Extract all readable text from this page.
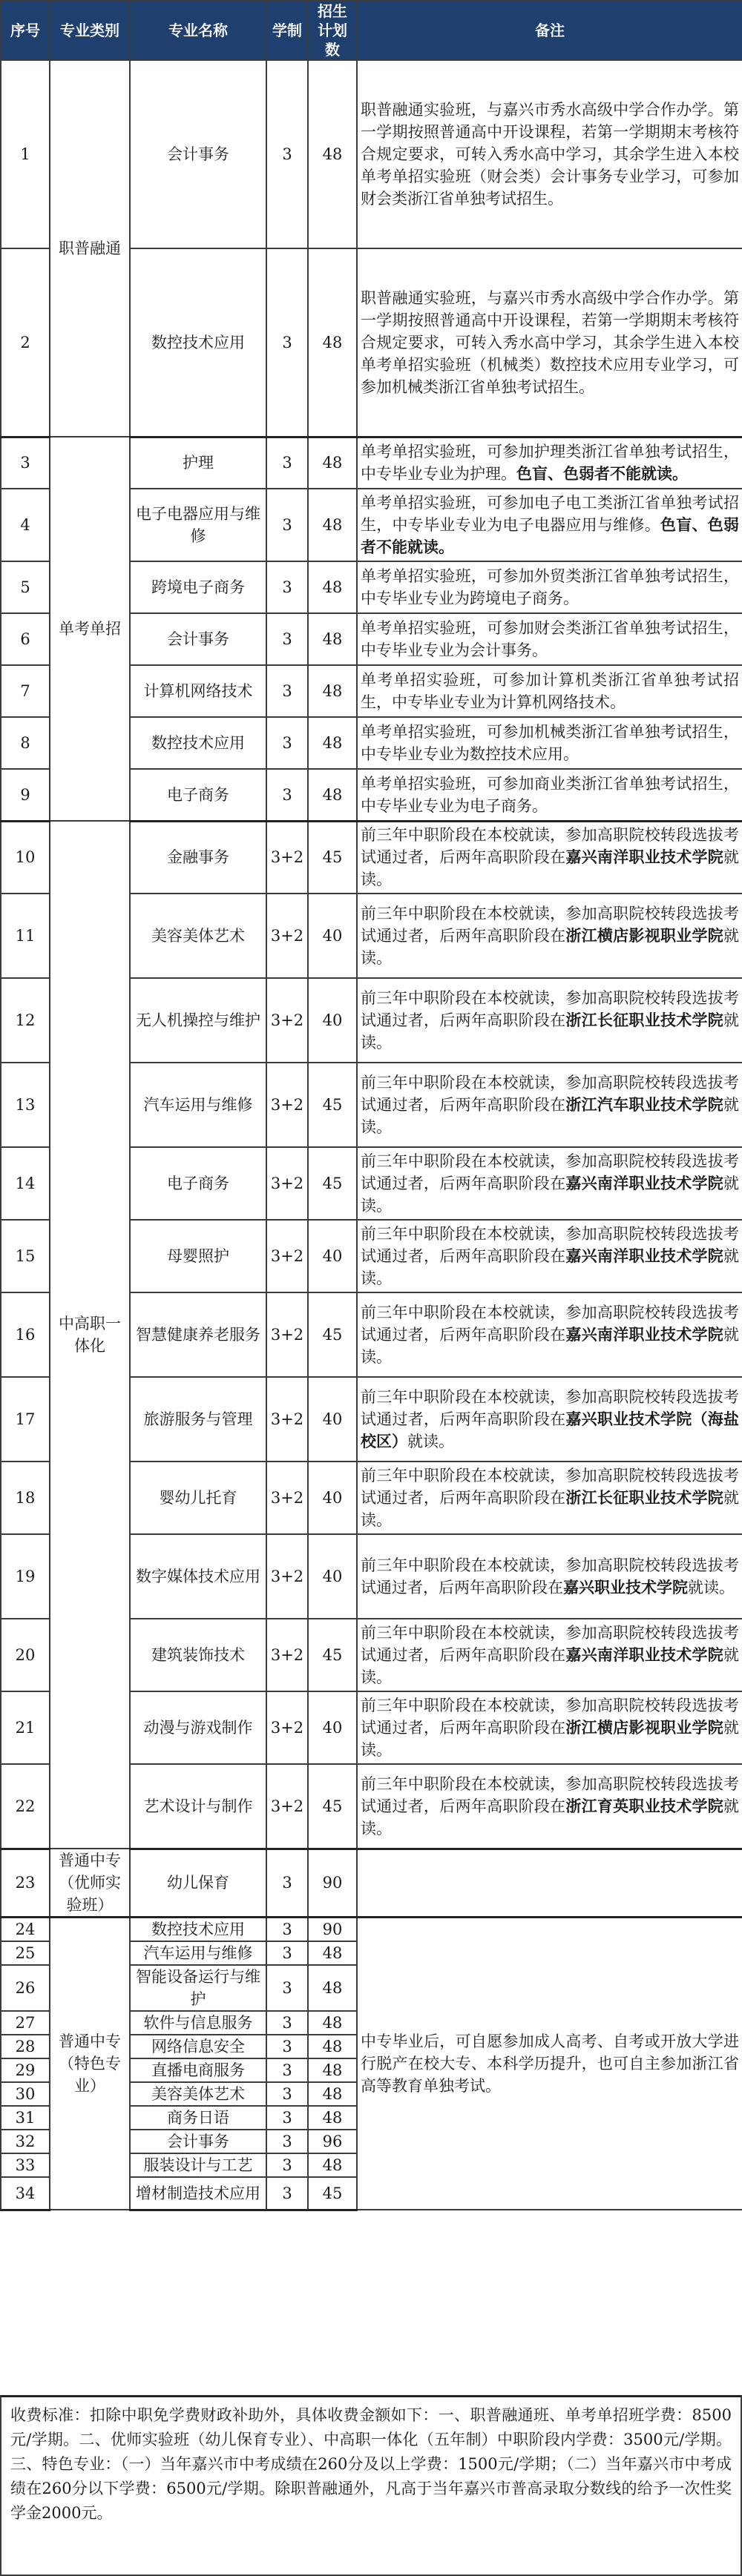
序号	专业类别	专业名称	学制	招生计划数	备注
1	职普融通	会计事务	3	48	职普融通实验班，与嘉兴市秀水高级中学合作办学。第一学期按照普通高中开设课程，若第一学期期末考核符合规定要求，可转入秀水高中学习，其余学生进入本校单考单招实验班（财会类）会计事务专业学习，可参加财会类浙江省单独考试招生。
2		数控技术应用	3	48	职普融通实验班，与嘉兴市秀水高级中学合作办学。第一学期按照普通高中开设课程，若第一学期期末考核符合规定要求，可转入秀水高中学习，其余学生进入本校单考单招实验班（机械类）数控技术应用专业学习，可参加机械类浙江省单独考试招生。
3	单考单招	护理	3	48	单考单招实验班，可参加护理类浙江省单独考试招生，中专毕业专业为护理。色盲、色弱者不能就读。
4		电子电器应用与维修	3	48	单考单招实验班，可参加电子电工类浙江省单独考试招生，中专毕业专业为电子电器应用与维修。色盲、色弱者不能就读。
5		跨境电子商务	3	48	单考单招实验班，可参加外贸类浙江省单独考试招生，中专毕业专业为跨境电子商务。
6		会计事务	3	48	单考单招实验班，可参加财会类浙江省单独考试招生，中专毕业专业为会计事务。
7		计算机网络技术	3	48	单考单招实验班，可参加计算机类浙江省单独考试招生，中专毕业专业为计算机网络技术。
8		数控技术应用	3	48	单考单招实验班，可参加机械类浙江省单独考试招生，中专毕业专业为数控技术应用。
9		电子商务	3	48	单考单招实验班，可参加商业类浙江省单独考试招生，中专毕业专业为电子商务。
10	中高职一体化	金融事务	3+2	45	前三年中职阶段在本校就读，参加高职院校转段选拔考试通过者，后两年高职阶段在嘉兴南洋职业技术学院就读。
11		美容美体艺术	3+2	40	前三年中职阶段在本校就读，参加高职院校转段选拔考试通过者，后两年高职阶段在浙江横店影视职业学院就读。
12		无人机操控与维护	3+2	40	前三年中职阶段在本校就读，参加高职院校转段选拔考试通过者，后两年高职阶段在浙江长征职业技术学院就读。
13		汽车运用与维修	3+2	45	前三年中职阶段在本校就读，参加高职院校转段选拔考试通过者，后两年高职阶段在浙江汽车职业技术学院就读。
14		电子商务	3+2	45	前三年中职阶段在本校就读，参加高职院校转段选拔考试通过者，后两年高职阶段在嘉兴南洋职业技术学院就读。
15		母婴照护	3+2	40	前三年中职阶段在本校就读，参加高职院校转段选拔考试通过者，后两年高职阶段在嘉兴南洋职业技术学院就读。
16		智慧健康养老服务	3+2	45	前三年中职阶段在本校就读，参加高职院校转段选拔考试通过者，后两年高职阶段在嘉兴南洋职业技术学院就读。
17		旅游服务与管理	3+2	40	前三年中职阶段在本校就读，参加高职院校转段选拔考试通过者，后两年高职阶段在嘉兴职业技术学院（海盐校区）就读。
18		婴幼儿托育	3+2	40	前三年中职阶段在本校就读，参加高职院校转段选拔考试通过者，后两年高职阶段在浙江长征职业技术学院就读。
19		数字媒体技术应用	3+2	40	前三年中职阶段在本校就读，参加高职院校转段选拔考试通过者，后两年高职阶段在嘉兴职业技术学院就读。
20		建筑装饰技术	3+2	45	前三年中职阶段在本校就读，参加高职院校转段选拔考试通过者，后两年高职阶段在嘉兴南洋职业技术学院就读。
21		动漫与游戏制作	3+2	40	前三年中职阶段在本校就读，参加高职院校转段选拔考试通过者，后两年高职阶段在浙江横店影视职业学院就读。
22		艺术设计与制作	3+2	45	前三年中职阶段在本校就读，参加高职院校转段选拔考试通过者，后两年高职阶段在浙江育英职业技术学院就读。
23	普通中专（优师实验班）	幼儿保育	3	90	
24	普通中专（特色专业）	数控技术应用	3	90	中专毕业后，可自愿参加成人高考、自考或开放大学进行脱产在校大专、本科学历提升，也可自主参加浙江省高等教育单独考试。
25		汽车运用与维修	3	48	
26		智能设备运行与维护	3	48	
27		软件与信息服务	3	48	
28		网络信息安全	3	48	
29		直播电商服务	3	48	
30		美容美体艺术	3	48	
31		商务日语	3	48	
32		会计事务	3	96	
33		服装设计与工艺	3	48	
34		增材制造技术应用	3	45	
收费标准：扣除中职免学费财政补助外，具体收费金额如下：一、职普融通班、单考单招班学费：8500元/学期。二、优师实验班（幼儿保育专业）、中高职一体化（五年制）中职阶段内学费：3500元/学期。三、特色专业：（一）当年嘉兴市中考成绩在260分及以上学费：1500元/学期；（二）当年嘉兴市中考成绩在260分以下学费：6500元/学期。除职普融通外，凡高于当年嘉兴市普高录取分数线的给予一次性奖学金2000元。
